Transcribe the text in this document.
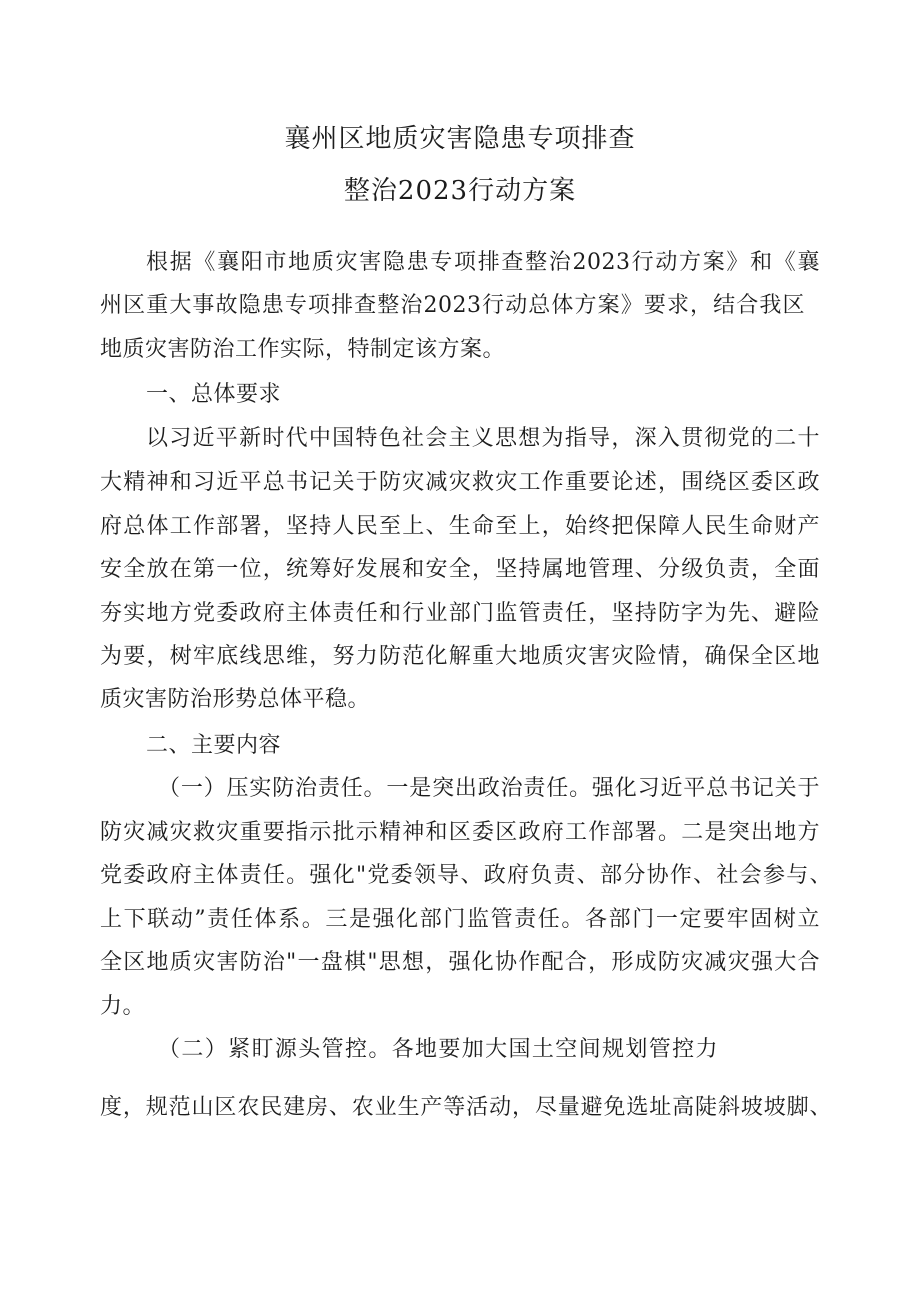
襄州区地质灾害隐患专项排查
整治2023行动方案
根据《襄阳市地质灾害隐患专项排查整治2023行动方案》和《襄
州区重大事故隐患专项排查整治2023行动总体方案》要求，结合我区
地质灾害防治工作实际，特制定该方案。
一、总体要求
以习近平新时代中国特色社会主义思想为指导，深入贯彻党的二十
大精神和习近平总书记关于防灾减灾救灾工作重要论述，围绕区委区政
府总体工作部署，坚持人民至上、生命至上，始终把保障人民生命财产
安全放在第一位，统筹好发展和安全，坚持属地管理、分级负责，全面
夯实地方党委政府主体责任和行业部门监管责任，坚持防字为先、避险
为要，树牢底线思维，努力防范化解重大地质灾害灾险情，确保全区地
质灾害防治形势总体平稳。
二、主要内容
（一）压实防治责任。一是突出政治责任。强化习近平总书记关于
防灾减灾救灾重要指示批示精神和区委区政府工作部署。二是突出地方
党委政府主体责任。强化"党委领导、政府负责、部分协作、社会参与、
上下联动”责任体系。三是强化部门监管责任。各部门一定要牢固树立
全区地质灾害防治"一盘棋"思想，强化协作配合，形成防灾减灾强大合
力。
（二）紧盯源头管控。各地要加大国土空间规划管控力
度，规范山区农民建房、农业生产等活动，尽量避免选址高陡斜坡坡脚、
